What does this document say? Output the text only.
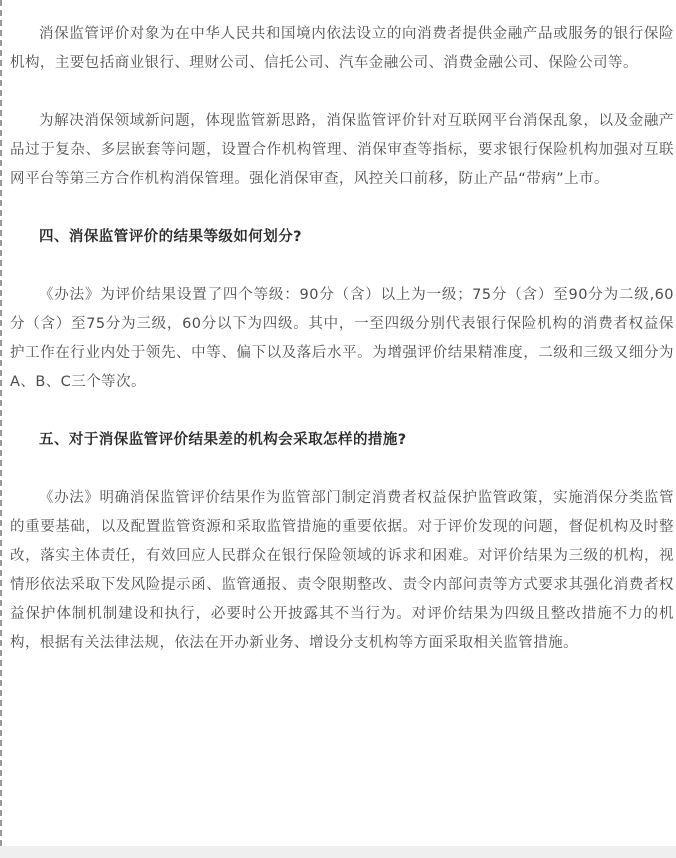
消保监管评价对象为在中华人民共和国境内依法设立的向消费者提供金融产品或服务的银行保险机构，主要包括商业银行、理财公司、信托公司、汽车金融公司、消费金融公司、保险公司等。

为解决消保领域新问题，体现监管新思路，消保监管评价针对互联网平台消保乱象，以及金融产品过于复杂、多层嵌套等问题，设置合作机构管理、消保审查等指标，要求银行保险机构加强对互联网平台等第三方合作机构消保管理。强化消保审查，风控关口前移，防止产品“带病”上市。

四、消保监管评价的结果等级如何划分?

《办法》为评价结果设置了四个等级：90分（含）以上为一级；75分（含）至90分为二级,60分（含）至75分为三级，60分以下为四级。其中，一至四级分别代表银行保险机构的消费者权益保护工作在行业内处于领先、中等、偏下以及落后水平。为增强评价结果精准度，二级和三级又细分为A、B、C三个等次。

五、对于消保监管评价结果差的机构会采取怎样的措施?

《办法》明确消保监管评价结果作为监管部门制定消费者权益保护监管政策，实施消保分类监管的重要基础，以及配置监管资源和采取监管措施的重要依据。对于评价发现的问题，督促机构及时整改，落实主体责任，有效回应人民群众在银行保险领域的诉求和困难。对评价结果为三级的机构，视情形依法采取下发风险提示函、监管通报、责令限期整改、责令内部问责等方式要求其强化消费者权益保护体制机制建设和执行，必要时公开披露其不当行为。对评价结果为四级且整改措施不力的机构，根据有关法律法规，依法在开办新业务、增设分支机构等方面采取相关监管措施。
